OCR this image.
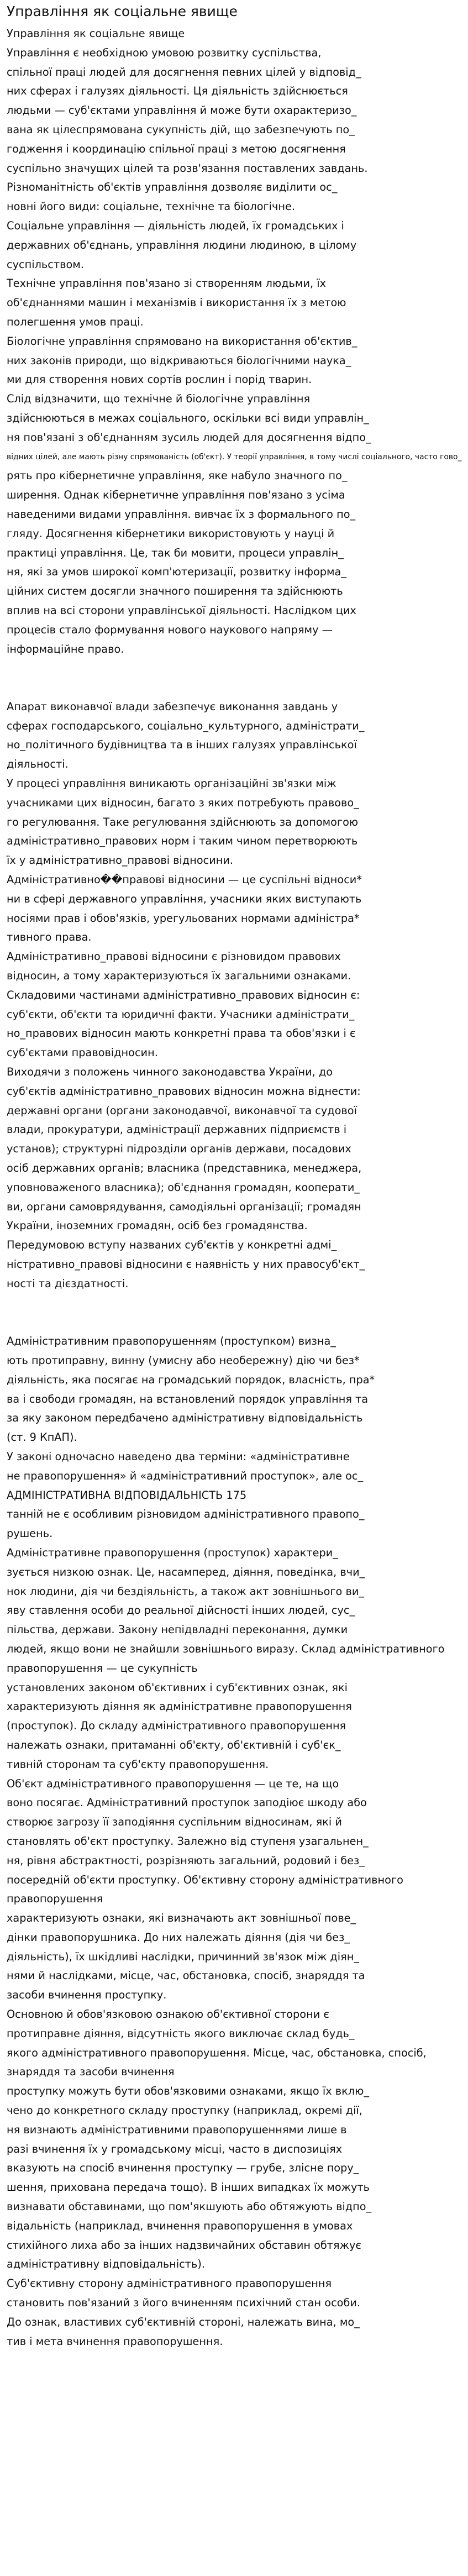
Управління як соціальне явище
Управління як соціальне явище
Управління є необхідною умовою розвитку суспільства,
спільної праці людей для досягнення певних цілей у відповід_
них сферах і галузях діяльності. Ця діяльність здійснюється
людьми — суб'єктами управління й може бути охарактеризо_
вана як цілеспрямована сукупність дій, що забезпечують по_
годження і координацію спільної праці з метою досягнення
суспільно значущих цілей та розв'язання поставлених завдань.
Різноманітність об'єктів управління дозволяє виділити ос_
новні його види: соціальне, технічне та біологічне.
Соціальне управління — діяльність людей, їх громадських і
державних об'єднань, управління людини людиною, в цілому
суспільством.
Технічне управління пов'язано зі створенням людьми, їх
об'єднаннями машин і механізмів і використання їх з метою
полегшення умов праці.
Біологічне управління спрямовано на використання об'єктив_
них законів природи, що відкриваються біологічними наука_
ми для створення нових сортів рослин і порід тварин.
Слід відзначити, що технічне й біологічне управління
здійснюються в межах соціального, оскільки всі види управлін_
ня пов'язані з об'єднанням зусиль людей для досягнення відпо_
відних цілей, але мають різну спрямованість (об'єкт). У теорії управління, в тому числі соціального, часто гово_
рять про кібернетичне управління, яке набуло значного по_
ширення. Однак кібернетичне управління пов'язано з усіма
наведеними видами управління. вивчає їх з формального по_
гляду. Досягнення кібернетики використовують у науці й
практиці управління. Це, так би мовити, процеси управлін_
ня, які за умов широкої комп'ютеризації, розвитку інформа_
ційних систем досягли значного поширення та здійснюють
вплив на всі сторони управлінської діяльності. Наслідком цих
процесів стало формування нового наукового напряму —
інформаційне право.
Апарат виконавчої влади забезпечує виконання завдань у
сферах господарського, соціально_культурного, адміністрати_
но_політичного будівництва та в інших галузях управлінської
діяльності.
У процесі управління виникають організаційні зв'язки між
учасниками цих відносин, багато з яких потребують правово_
го регулювання. Таке регулювання здійснюють за допомогою
адміністративно_правових норм і таким чином перетворюють
їх у адміністративно_правові відносини.
Адміністративно��правові відносини — це суспільні відноси*
ни в сфері державного управління, учасники яких виступають
носіями прав і обов'язків, урегульованих нормами адміністра*
тивного права.
Адміністративно_правові відносини є різновидом правових
відносин, а тому характеризуються їх загальними ознаками.
Складовими частинами адміністративно_правових відносин є:
суб'єкти, об'єкти та юридичні факти. Учасники адміністрати_
но_правових відносин мають конкретні права та обов'язки і є
суб'єктами правовідносин.
Виходячи з положень чинного законодавства України, до
суб'єктів адміністративно_правових відносин можна віднести:
державні органи (органи законодавчої, виконавчої та судової
влади, прокуратури, адміністрації державних підприємств і
установ); структурні підрозділи органів держави, посадових
осіб державних органів; власника (представника, менеджера,
уповноваженого власника); об'єднання громадян, кооперати_
ви, органи самоврядування, самодіяльні організації; громадян
України, іноземних громадян, осіб без громадянства.
Передумовою вступу названих суб'єктів у конкретні адмі_
ністративно_правові відносини є наявність у них правосуб'єкт_
ності та дієздатності.
Адміністративним правопорушенням (проступком) визна_
ють протиправну, винну (умисну або необережну) дію чи без*
діяльність, яка посягає на громадський порядок, власність, пра*
ва і свободи громадян, на встановлений порядок управління та
за яку законом передбачено адміністративну відповідальність
(ст. 9 КпАП).
У законі одночасно наведено два терміни: «адміністративне
не правопорушення» й «адміністративний проступок», але ос_
АДМІНІСТРАТИВНА ВІДПОВІДАЛЬНІСТЬ 175
танній не є особливим різновидом адміністративного правопо_
рушень.
Адміністративне правопорушення (проступок) характери_
зується низкою ознак. Це, насамперед, діяння, поведінка, вчи_
нок людини, дія чи бездіяльність, а також акт зовнішнього ви_
яву ставлення особи до реальної дійсності інших людей, сус_
пільства, держави. Закону непідвладні переконання, думки
людей, якщо вони не знайшли зовнішнього виразу. Склад адміністративного
правопорушення — це сукупність
установлених законом об'єктивних і суб'єктивних ознак, які
характеризують діяння як адміністративне правопорушення
(проступок). До складу адміністративного правопорушення
належать ознаки, притаманні об'єкту, об'єктивній і суб'єк_
тивній сторонам та суб'єкту правопорушення.
Об'єкт адміністративного правопорушення — це те, на що
воно посягає. Адміністративний проступок заподіює шкоду або
створює загрозу її заподіяння суспільним відносинам, які й
становлять об'єкт проступку. Залежно від ступеня узагальнен_
ня, рівня абстрактності, розрізняють загальний, родовий і без_
посередній об'єкти проступку. Об'єктивну сторону адміністративного
правопорушення
характеризують ознаки, які визначають акт зовнішньої пове_
дінки правопорушника. До них належать діяння (дія чи без_
діяльність), їх шкідливі наслідки, причинний зв'язок між діян_
нями й наслідками, місце, час, обстановка, спосіб, знаряддя та
засоби вчинення проступку.
Основною й обов'язковою ознакою об'єктивної сторони є
протиправне діяння, відсутність якого виключає склад будь_
якого адміністративного правопорушення. Місце, час, обстановка, спосіб,
знаряддя та засоби вчинення
проступку можуть бути обов'язковими ознаками, якщо їх вклю_
чено до конкретного складу проступку (наприклад, окремі дії,
ня визнають адміністративними правопорушеннями лише в
разі вчинення їх у громадському місці, часто в диспозиціях
вказують на спосіб вчинення проступку — грубе, зліснe пору_
шення, прихована передача тощо). В інших випадках їх можуть
визнавати обставинами, що пом'якшують або обтяжують відпо_
відальність (наприклад, вчинення правопорушення в умовах
стихійного лиха або за інших надзвичайних обставин обтяжує
адміністративну відповідальність).
Суб'єктивну сторону адміністративного правопорушення
становить пов'язаний з його вчиненням психічний стан особи.
До ознак, властивих суб'єктивній стороні, належать вина, мо_
тив і мета вчинення правопорушення.
